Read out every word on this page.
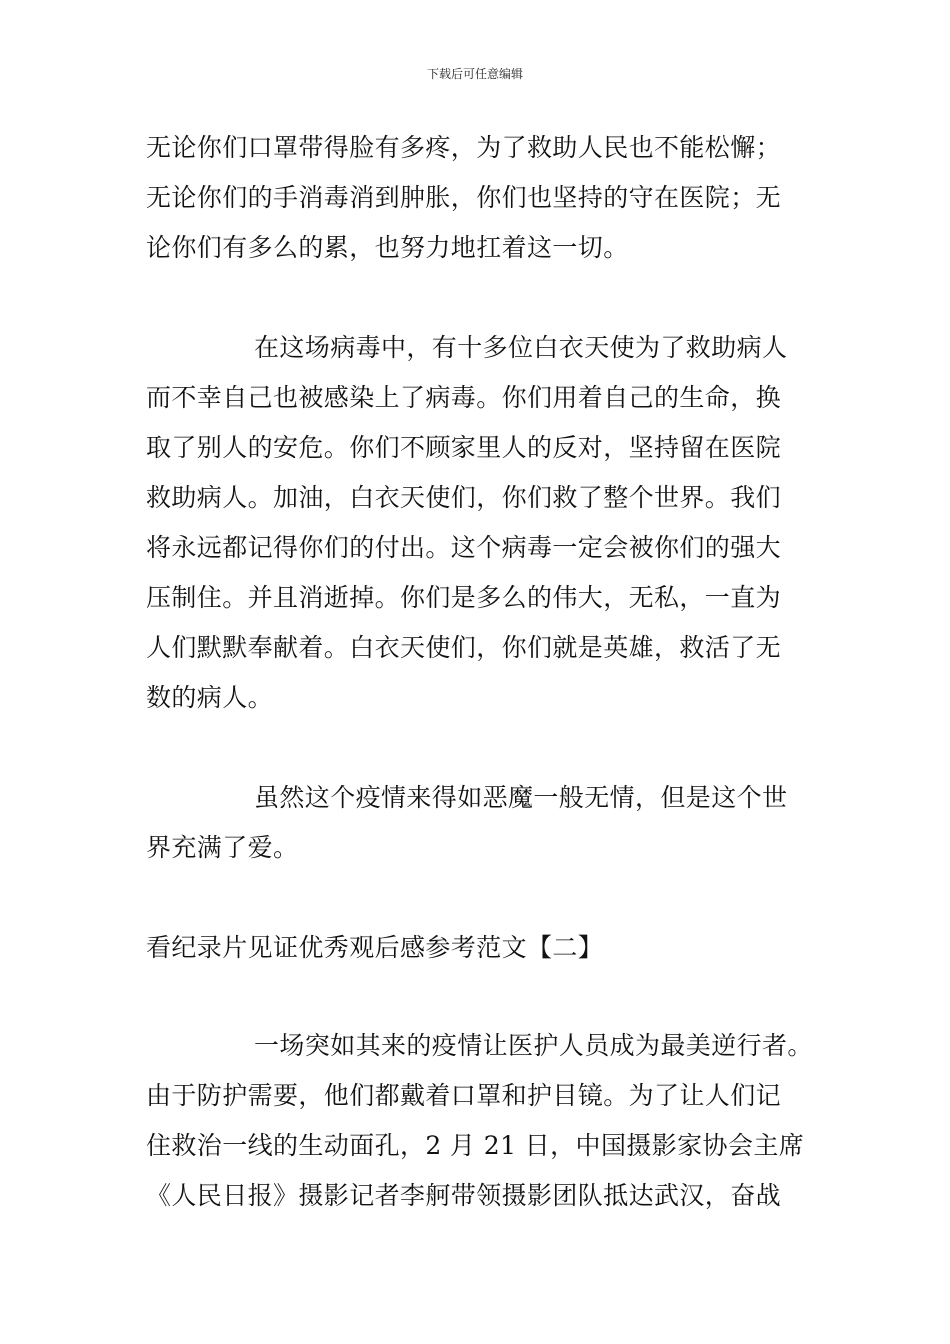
下载后可任意编辑
无论你们口罩带得脸有多疼，为了救助人民也不能松懈；
无论你们的手消毒消到肿胀，你们也坚持的守在医院；无
论你们有多么的累，也努力地扛着这一切。
在这场病毒中，有十多位白衣天使为了救助病人
而不幸自己也被感染上了病毒。你们用着自己的生命，换
取了别人的安危。你们不顾家里人的反对，坚持留在医院
救助病人。加油，白衣天使们，你们救了整个世界。我们
将永远都记得你们的付出。这个病毒一定会被你们的强大
压制住。并且消逝掉。你们是多么的伟大，无私，一直为
人们默默奉献着。白衣天使们，你们就是英雄，救活了无
数的病人。
虽然这个疫情来得如恶魔一般无情，但是这个世
界充满了爱。
看纪录片见证优秀观后感参考范文【二】
一场突如其来的疫情让医护人员成为最美逆行者。
由于防护需要，他们都戴着口罩和护目镜。为了让人们记
住救治一线的生动面孔，2 月 21 日，中国摄影家协会主席
《人民日报》摄影记者李舸带领摄影团队抵达武汉，奋战
